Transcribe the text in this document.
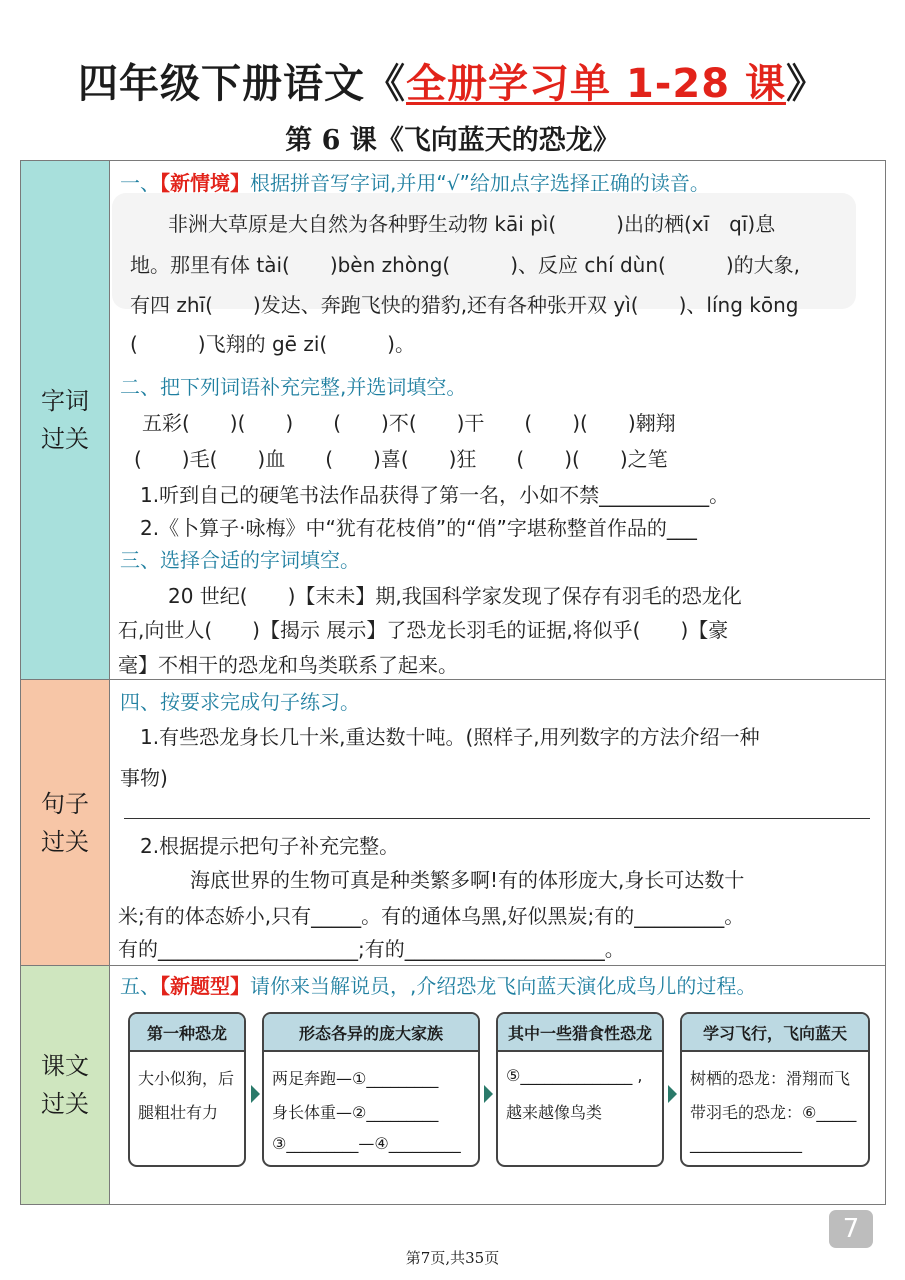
四年级下册语文《全册学习单 1-28 课》
第 6 课《飞向蓝天的恐龙》
字词过关
句子过关
课文过关
一、【新情境】根据拼音写字词,并用“√”给加点字选择正确的读音。
非洲大草原是大自然为各种野生动物 kāi pì(　　　)出的栖(xī　qī)息
地。那里有体 tài(　　)bèn zhòng(　　　)、反应 chí dùn(　　　)的大象,
有四 zhī(　　)发达、奔跑飞快的猎豹,还有各种张开双 yì(　　)、líng kōng
(　　　)飞翔的 gē zi(　　　)。
二、把下列词语补充完整,并选词填空。
五彩(　　)(　　)　　(　　)不(　　)干　　(　　)(　　)翱翔
(　　)毛(　　)血　　(　　)喜(　　)狂　　(　　)(　　)之笔
1.听到自己的硬笔书法作品获得了第一名，小如不禁___________。
2.《卜算子·咏梅》中“犹有花枝俏”的“俏”字堪称整首作品的___
三、选择合适的字词填空。
20 世纪(　　)【末未】期,我国科学家发现了保存有羽毛的恐龙化
石,向世人(　　)【揭示 展示】了恐龙长羽毛的证据,将似乎(　　)【豪
毫】不相干的恐龙和鸟类联系了起来。
四、按要求完成句子练习。
1.有些恐龙身长几十米,重达数十吨。(照样子,用列数字的方法介绍一种
事物)
2.根据提示把句子补充完整。
海底世界的生物可真是种类繁多啊!有的体形庞大,身长可达数十
米;有的体态娇小,只有_____。有的通体乌黑,好似黑炭;有的_________。
有的____________________;有的____________________。
五、【新题型】请你来当解说员，,介绍恐龙飞向蓝天演化成鸟儿的过程。
第一种恐龙
大小似狗，后
腿粗壮有力
形态各异的庞大家族
两足奔跑—①_________
身长体重—②_________
③_________—④_________
其中一些猎食性恐龙
⑤______________ ,
越来越像鸟类
学习飞行，飞向蓝天
树栖的恐龙：滑翔而飞
带羽毛的恐龙：⑥_____
______________
7
第7页,共35页
